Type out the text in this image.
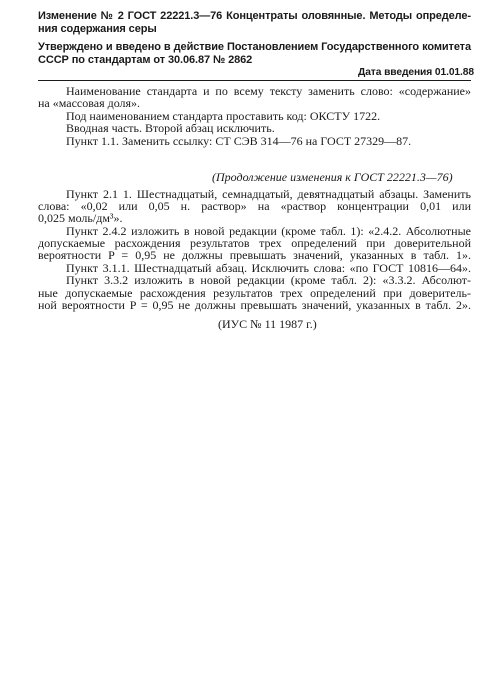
Изменение № 2 ГОСТ 22221.3—76 Концентраты оловянные. Методы определе-
ния содержания серы
Утверждено и введено в действие Постановлением Государственного комитета
СССР по стандартам от 30.06.87 № 2862
Дата введения 01.01.88
Наименование стандарта и по всему тексту заменить слово: «содержание»
на «массовая доля».
Под наименованием стандарта проставить код: ОКСТУ 1722.
Вводная часть. Второй абзац исключить.
Пункт 1.1. Заменить ссылку: СТ СЭВ 314—76 на ГОСТ 27329—87.
(Продолжение изменения к ГОСТ 22221.3—76)
Пункт 2.1 1. Шестнадцатый, семнадцатый, девятнадцатый абзацы. Заменить
слова: «0,02 или 0,05 н. раствор» на «раствор концентрации 0,01 или
0,025 моль/дм³».
Пункт 2.4.2 изложить в новой редакции (кроме табл. 1): «2.4.2. Абсолютные
допускаемые расхождения результатов трех определений при доверительной
вероятности P = 0,95 не должны превышать значений, указанных в табл. 1».
Пункт 3.1.1. Шестнадцатый абзац. Исключить слова: «по ГОСТ 10816—64».
Пункт 3.3.2 изложить в новой редакции (кроме табл. 2): «3.3.2. Абсолют-
ные допускаемые расхождения результатов трех определений при доверитель-
ной вероятности P = 0,95 не должны превышать значений, указанных в табл. 2».
(ИУС № 11 1987 г.)
